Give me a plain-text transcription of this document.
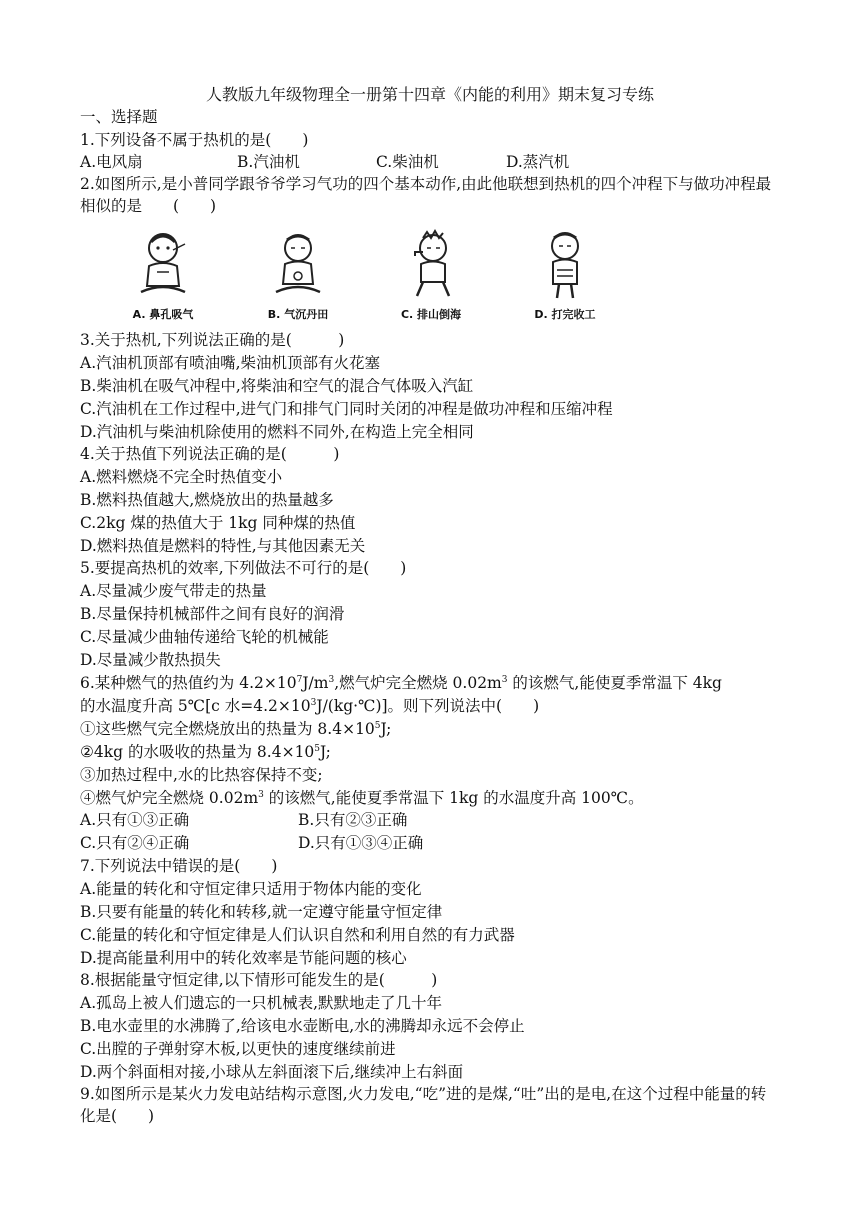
人教版九年级物理全一册第十四章《内能的利用》期末复习专练
一、选择题
1.下列设备不属于热机的是(　　)
A.电风扇	B.汽油机	C.柴油机	D.蒸汽机
2.如图所示,是小普同学跟爷爷学习气功的四个基本动作,由此他联想到热机的四个冲程下与做功冲程最相似的是　　(　　)
A. 鼻孔吸气	B. 气沉丹田	C. 排山倒海	D. 打完收工
3.关于热机,下列说法正确的是(　　　)
A.汽油机顶部有喷油嘴,柴油机顶部有火花塞
B.柴油机在吸气冲程中,将柴油和空气的混合气体吸入汽缸
C.汽油机在工作过程中,进气门和排气门同时关闭的冲程是做功冲程和压缩冲程
D.汽油机与柴油机除使用的燃料不同外,在构造上完全相同
4.关于热值下列说法正确的是(　　　)
A.燃料燃烧不完全时热值变小
B.燃料热值越大,燃烧放出的热量越多
C.2kg 煤的热值大于 1kg 同种煤的热值
D.燃料热值是燃料的特性,与其他因素无关
5.要提高热机的效率,下列做法不可行的是(　　)
A.尽量减少废气带走的热量
B.尽量保持机械部件之间有良好的润滑
C.尽量减少曲轴传递给飞轮的机械能
D.尽量减少散热损失
6.某种燃气的热值约为 $4.2\times 10^7J/m^3$,燃气炉完全燃烧 $0.02m^3$ 的该燃气,能使夏季常温下 4kg
的水温度升高 5℃[c 水$=4.2\times 10^3J/(kg\cdot℃)$]。则下列说法中(　　)
①这些燃气完全燃烧放出的热量为 $8.4\times 10^5J$;
②4kg 的水吸收的热量为 $8.4\times 10^5J$;
③加热过程中,水的比热容保持不变;
④燃气炉完全燃烧 $0.02m^3$ 的该燃气,能使夏季常温下 1kg 的水温度升高 100℃。
A.只有①③正确	B.只有②③正确
C.只有②④正确	D.只有①③④正确
7.下列说法中错误的是(　　)
A.能量的转化和守恒定律只适用于物体内能的变化
B.只要有能量的转化和转移,就一定遵守能量守恒定律
C.能量的转化和守恒定律是人们认识自然和利用自然的有力武器
D.提高能量利用中的转化效率是节能问题的核心
8.根据能量守恒定律,以下情形可能发生的是(　　　)
A.孤岛上被人们遗忘的一只机械表,默默地走了几十年
B.电水壶里的水沸腾了,给该电水壶断电,水的沸腾却永远不会停止
C.出膛的子弹射穿木板,以更快的速度继续前进
D.两个斜面相对接,小球从左斜面滚下后,继续冲上右斜面
9.如图所示是某火力发电站结构示意图,火力发电,“吃”进的是煤,“吐”出的是电,在这个过程中能量的转化是(　　)
